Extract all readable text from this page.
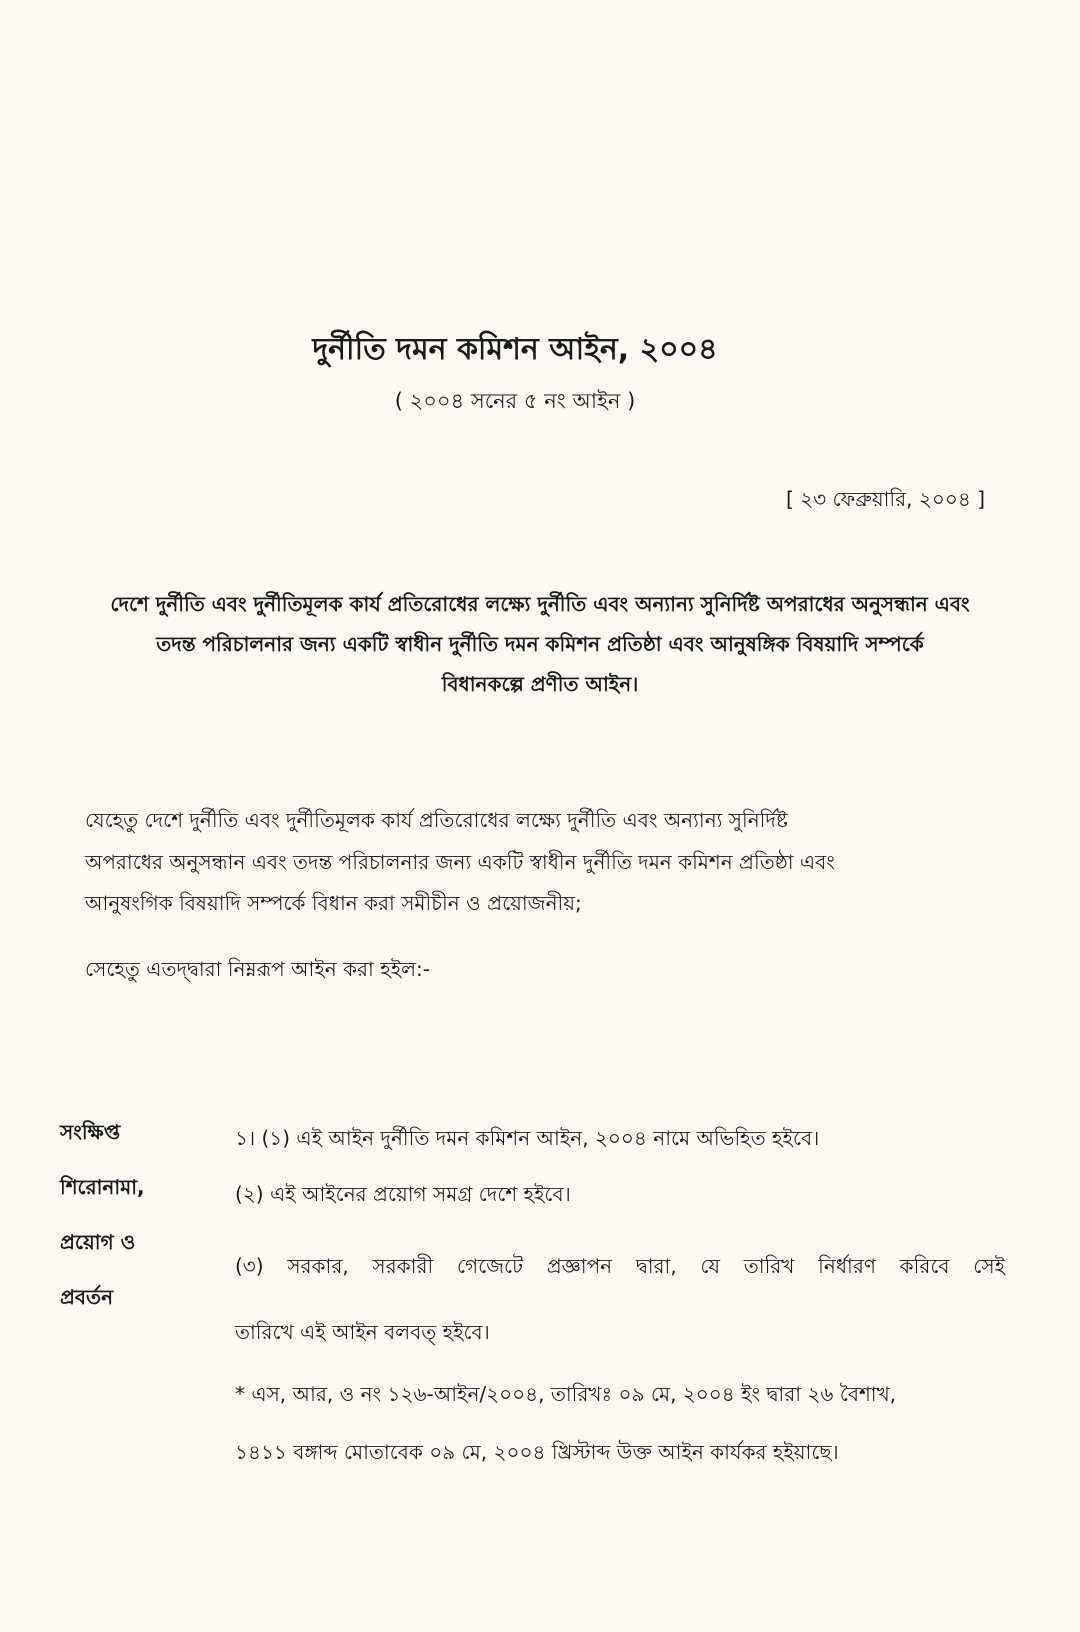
দুর্নীতি দমন কমিশন আইন, ২০০৪
( ২০০৪ সনের ৫ নং আইন )
[ ২৩ ফেব্রুয়ারি, ২০০৪ ]
দেশে দুর্নীতি এবং দুর্নীতিমূলক কার্য প্রতিরোধের লক্ষ্যে দুর্নীতি এবং অন্যান্য সুনির্দিষ্ট অপরাধের অনুসন্ধান এবং
তদন্ত পরিচালনার জন্য একটি স্বাধীন দুর্নীতি দমন কমিশন প্রতিষ্ঠা এবং আনুষঙ্গিক বিষয়াদি সম্পর্কে
বিধানকল্পে প্রণীত আইন।
যেহেতু দেশে দুর্নীতি এবং দুর্নীতিমূলক কার্য প্রতিরোধের লক্ষ্যে দুর্নীতি এবং অন্যান্য সুনির্দিষ্ট
অপরাধের অনুসন্ধান এবং তদন্ত পরিচালনার জন্য একটি স্বাধীন দুর্নীতি দমন কমিশন প্রতিষ্ঠা এবং
আনুষংগিক বিষয়াদি সম্পর্কে বিধান করা সমীচীন ও প্রয়োজনীয়;
সেহেতু এতদ্‌দ্বারা নিম্নরূপ আইন করা হইল:-
সংক্ষিপ্ত
শিরোনামা,
প্রয়োগ ও
প্রবর্তন
১। (১) এই আইন দুর্নীতি দমন কমিশন আইন, ২০০৪ নামে অভিহিত হইবে।
(২) এই আইনের প্রয়োগ সমগ্র দেশে হইবে।
(৩) সরকার, সরকারী গেজেটে প্রজ্ঞাপন দ্বারা, যে তারিখ নির্ধারণ করিবে সেই
তারিখে এই আইন বলবত্ হইবে।
* এস, আর, ও নং ১২৬-আইন/২০০৪, তারিখঃ ০৯ মে, ২০০৪ ইং দ্বারা ২৬ বৈশাখ,
১৪১১ বঙ্গাব্দ মোতাবেক ০৯ মে, ২০০৪ খ্রিস্টাব্দ উক্ত আইন কার্যকর হইয়াছে।
